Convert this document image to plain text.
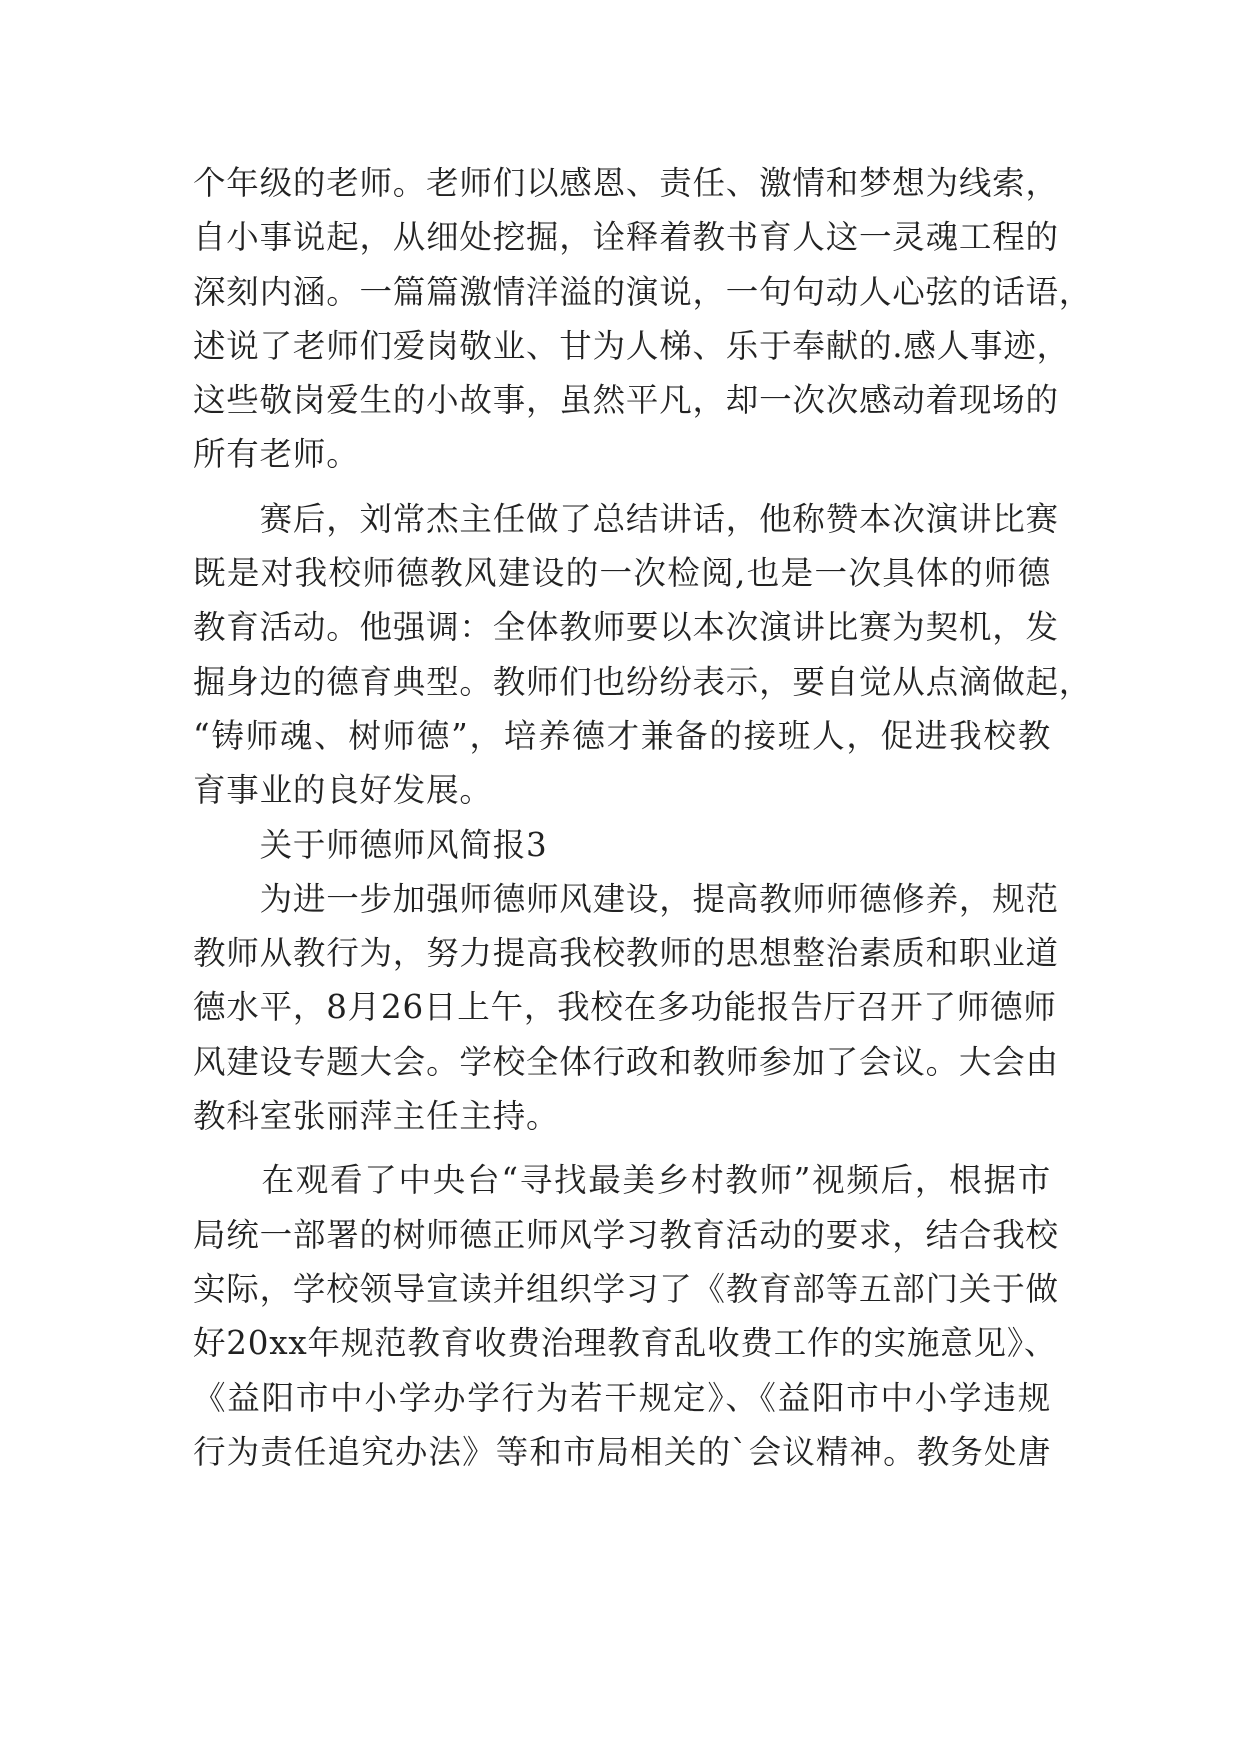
个年级的老师。老师们以感恩、责任、激情和梦想为线索，
自小事说起，从细处挖掘，诠释着教书育人这一灵魂工程的
深刻内涵。一篇篇激情洋溢的演说，一句句动人心弦的话语，
述说了老师们爱岗敬业、甘为人梯、乐于奉献的.感人事迹，
这些敬岗爱生的小故事，虽然平凡，却一次次感动着现场的
所有老师。

　　赛后，刘常杰主任做了总结讲话，他称赞本次演讲比赛
既是对我校师德教风建设的一次检阅,也是一次具体的师德
教育活动。他强调：全体教师要以本次演讲比赛为契机，发
掘身边的德育典型。教师们也纷纷表示，要自觉从点滴做起，
“铸师魂、树师德”，培养德才兼备的接班人，促进我校教
育事业的良好发展。

　　关于师德师风简报3

　　为进一步加强师德师风建设，提高教师师德修养，规范
教师从教行为，努力提高我校教师的思想整治素质和职业道
德水平，8月26日上午，我校在多功能报告厅召开了师德师
风建设专题大会。学校全体行政和教师参加了会议。大会由
教科室张丽萍主任主持。

　　在观看了中央台“寻找最美乡村教师”视频后，根据市
局统一部署的树师德正师风学习教育活动的要求，结合我校
实际，学校领导宣读并组织学习了《教育部等五部门关于做
好20xx年规范教育收费治理教育乱收费工作的实施意见》、
《益阳市中小学办学行为若干规定》、《益阳市中小学违规
行为责任追究办法》等和市局相关的`会议精神。教务处唐
